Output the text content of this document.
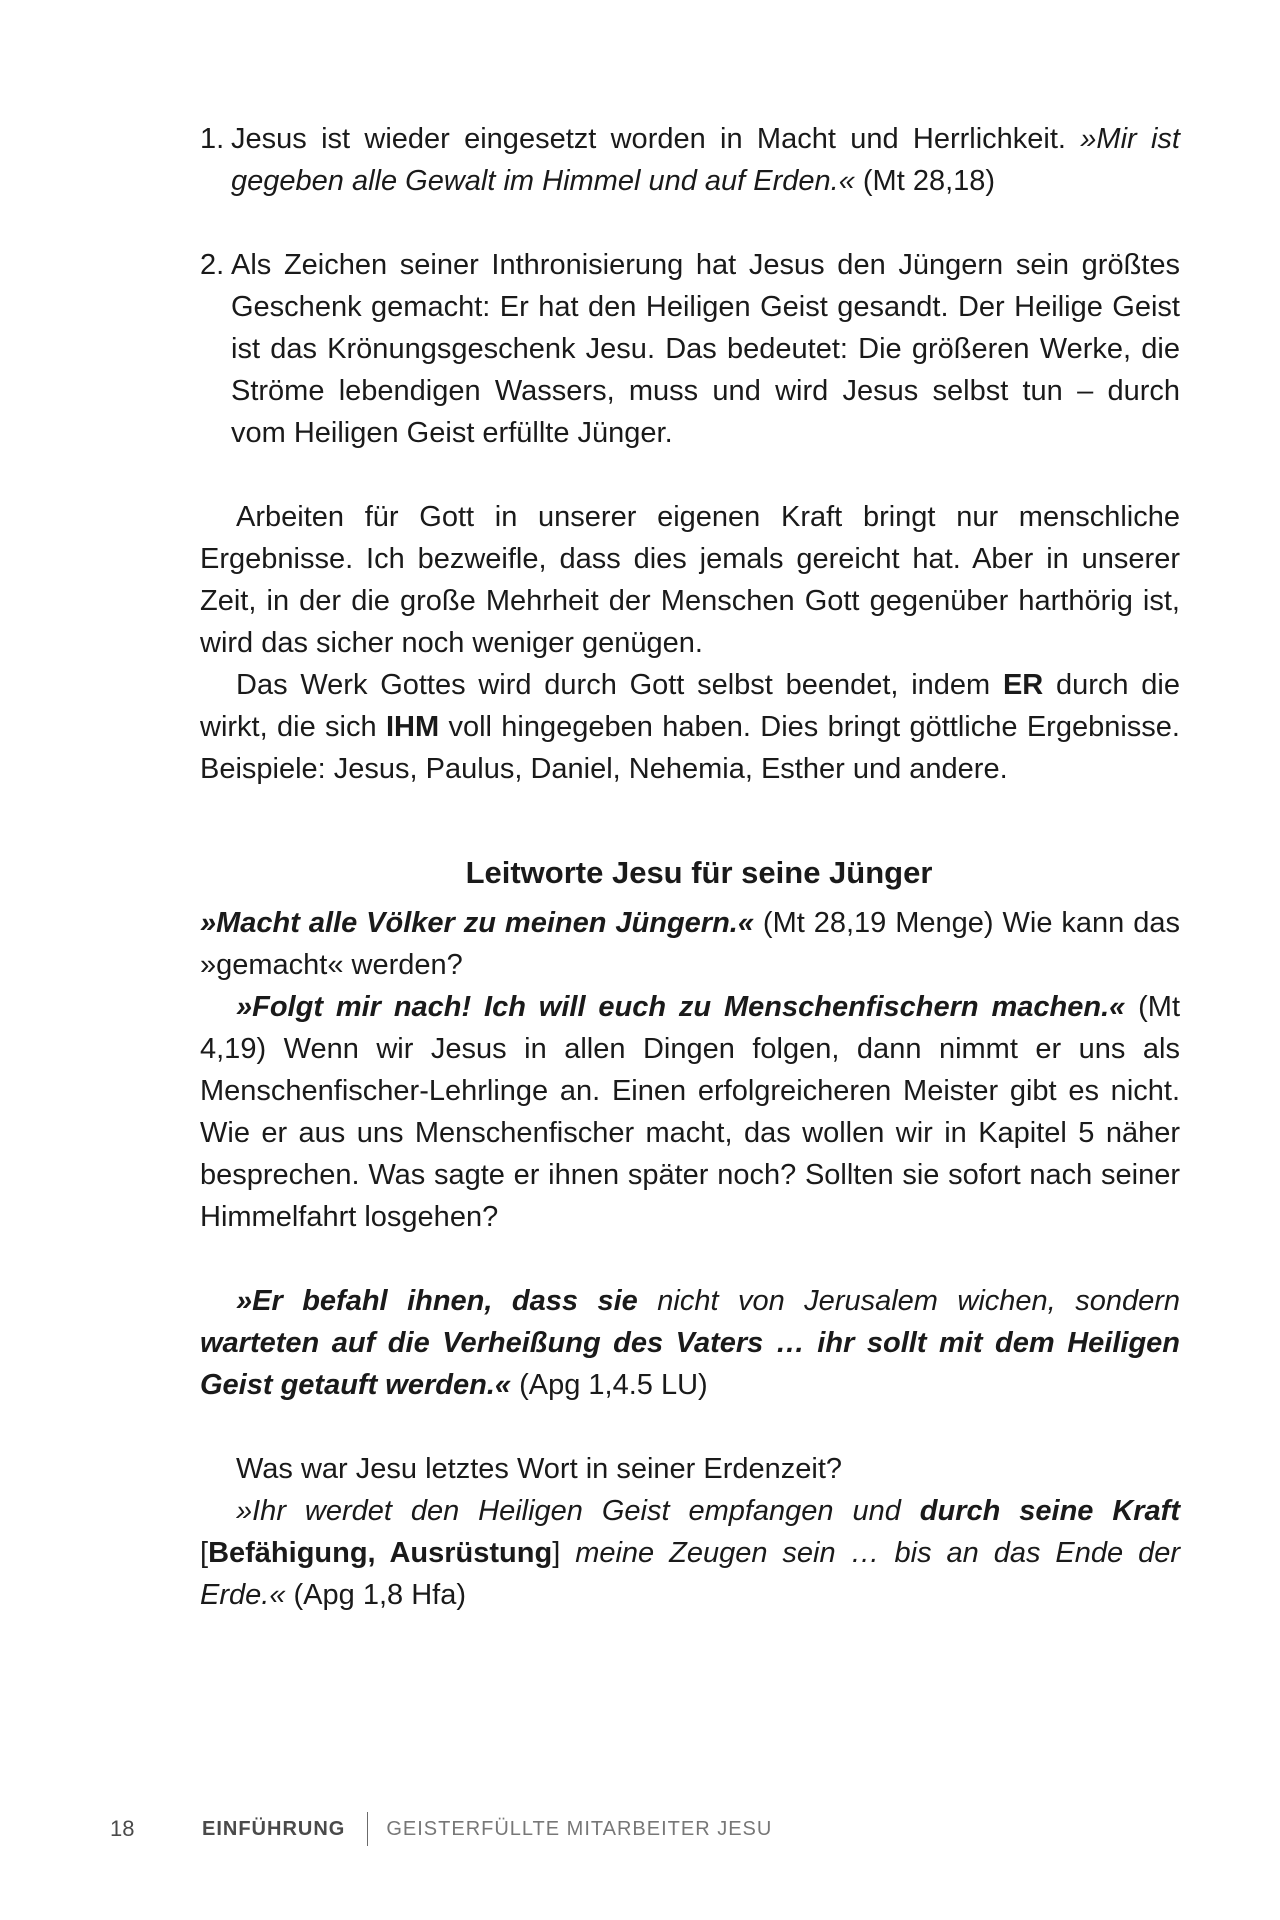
1. Jesus ist wieder eingesetzt worden in Macht und Herrlichkeit. »Mir ist gegeben alle Gewalt im Himmel und auf Erden.« (Mt 28,18)
2. Als Zeichen seiner Inthronisierung hat Jesus den Jüngern sein größtes Geschenk gemacht: Er hat den Heiligen Geist gesandt. Der Heilige Geist ist das Krönungsgeschenk Jesu. Das bedeutet: Die größeren Werke, die Ströme lebendigen Wassers, muss und wird Jesus selbst tun – durch vom Heiligen Geist erfüllte Jünger.

Arbeiten für Gott in unserer eigenen Kraft bringt nur menschliche Ergebnisse. Ich bezweifle, dass dies jemals gereicht hat. Aber in unserer Zeit, in der die große Mehrheit der Menschen Gott gegenüber harthörig ist, wird das sicher noch weniger genügen.

Das Werk Gottes wird durch Gott selbst beendet, indem ER durch die wirkt, die sich IHM voll hingegeben haben. Dies bringt göttliche Ergebnisse. Beispiele: Jesus, Paulus, Daniel, Nehemia, Esther und andere.

Leitworte Jesu für seine Jünger

»Macht alle Völker zu meinen Jüngern.« (Mt 28,19 Menge) Wie kann das »gemacht« werden?

»Folgt mir nach! Ich will euch zu Menschenfischern machen.« (Mt 4,19) Wenn wir Jesus in allen Dingen folgen, dann nimmt er uns als Menschenfischer-Lehrlinge an. Einen erfolgreicheren Meister gibt es nicht. Wie er aus uns Menschenfischer macht, das wollen wir in Kapitel 5 näher besprechen. Was sagte er ihnen später noch? Sollten sie sofort nach seiner Himmelfahrt losgehen?

»Er befahl ihnen, dass sie nicht von Jerusalem wichen, sondern warteten auf die Verheißung des Vaters … ihr sollt mit dem Heiligen Geist getauft werden.« (Apg 1,4.5 LU)

Was war Jesu letztes Wort in seiner Erdenzeit?

»Ihr werdet den Heiligen Geist empfangen und durch seine Kraft [Befähigung, Ausrüstung] meine Zeugen sein … bis an das Ende der Erde.« (Apg 1,8 Hfa)

18	EINFÜHRUNG GEISTERFÜLLTE MITARBEITER JESU
